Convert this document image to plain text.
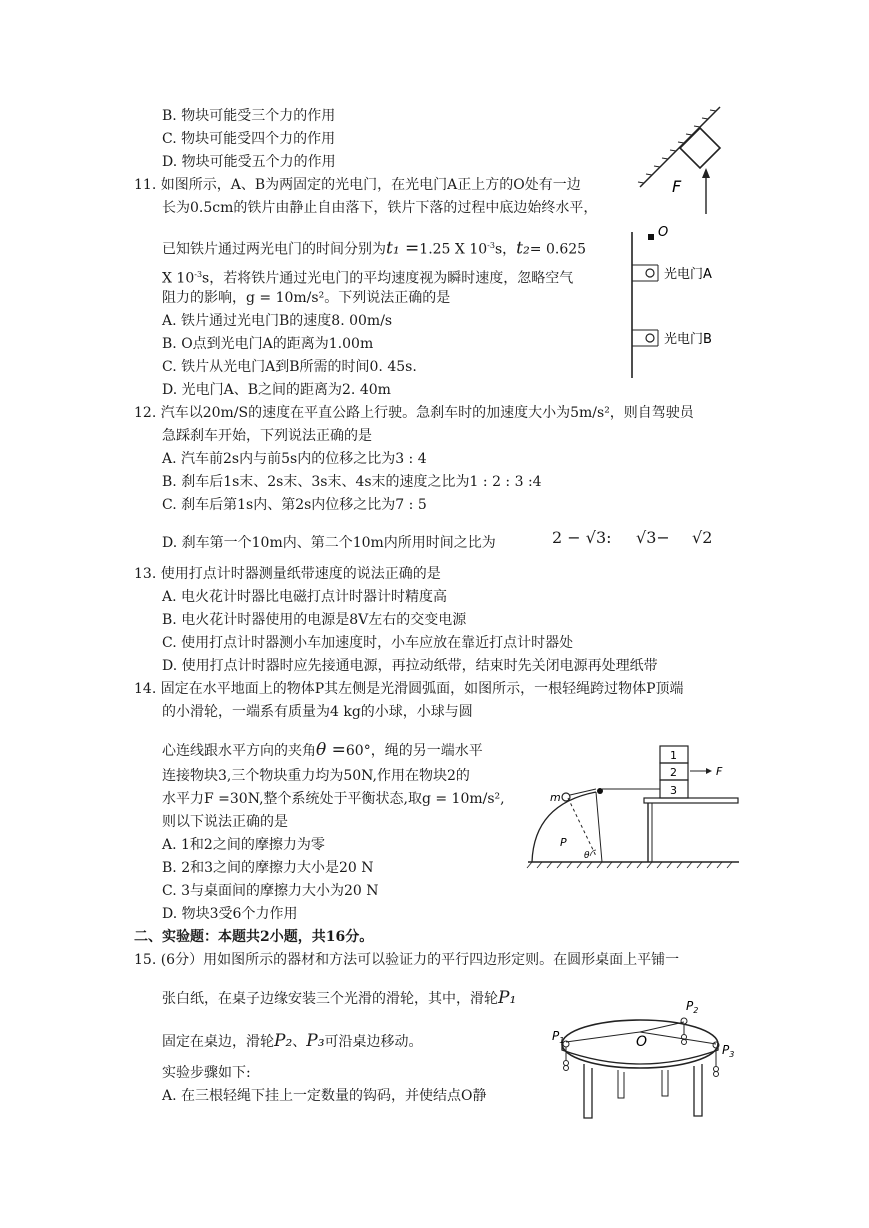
B. 物块可能受三个力的作用
C. 物块可能受四个力的作用
D. 物块可能受五个力的作用
F
11. 如图所示，A、B为两固定的光电门，在光电门A正上方的O处有一边
长为0.5cm的铁片由静止自由落下，铁片下落的过程中底边始终水平，
已知铁片通过两光电门的时间分别为t₁ =1.25 X $10^{-3}s$，t₂= 0.625
X $10^{-3}s$，若将铁片通过光电门的平均速度视为瞬时速度，忽略空气
阻力的影响，g = 10m/s²。下列说法正确的是
A. 铁片通过光电门B的速度8. 00m/s
B. O点到光电门A的距离为1.00m
C. 铁片从光电门A到B所需的时间0. 45s.
D. 光电门A、B之间的距离为2. 40m
O
光电门A
光电门B
12. 汽车以20m/S的速度在平直公路上行驶。急刹车时的加速度大小为5m/s²，则自驾驶员
急踩刹车开始，下列说法正确的是
A. 汽车前2s内与前5s内的位移之比为3 : 4
B. 刹车后1s末、2s末、3s末、4s末的速度之比为1 : 2 : 3 :4
C. 刹车后第1s内、第2s内位移之比为7 : 5
D. 刹车第一个10m内、第二个10m内所用时间之比为	2 − √3: √3− √2
13. 使用打点计时器测量纸带速度的说法正确的是
A. 电火花计时器比电磁打点计时器计时精度高
B. 电火花计时器使用的电源是8V左右的交变电源
C. 使用打点计时器测小车加速度时，小车应放在靠近打点计时器处
D. 使用打点计时器时应先接通电源，再拉动纸带，结束时先关闭电源再处理纸带
14. 固定在水平地面上的物体P其左侧是光滑圆弧面，如图所示，一根轻绳跨过物体P顶端
的小滑轮，一端系有质量为4 kg的小球，小球与圆
心连线跟水平方向的夹角θ =60°，绳的另一端水平
连接物块3,三个物块重力均为50N,作用在物块2的
水平力F =30N,整个系统处于平衡状态,取g = 10m/s²,
则以下说法正确的是
A. 1和2之间的摩擦力为零
B. 2和3之间的摩擦力大小是20 N
C. 3与桌面间的摩擦力大小为20 N
D. 物块3受6个力作用
1
2
3
F
m
P
θ
二、实验题：本题共2小题，共16分。
15. (6分）用如图所示的器材和方法可以验证力的平行四边形定则。在圆形桌面上平铺一
张白纸，在桌子边缘安装三个光滑的滑轮，其中，滑轮P₁
固定在桌边，滑轮P₂、P₃可沿桌边移动。
实验步骤如下:
A. 在三根轻绳下挂上一定数量的钩码，并使结点O静
$P_1$
$P_2$
$P_3$
O
